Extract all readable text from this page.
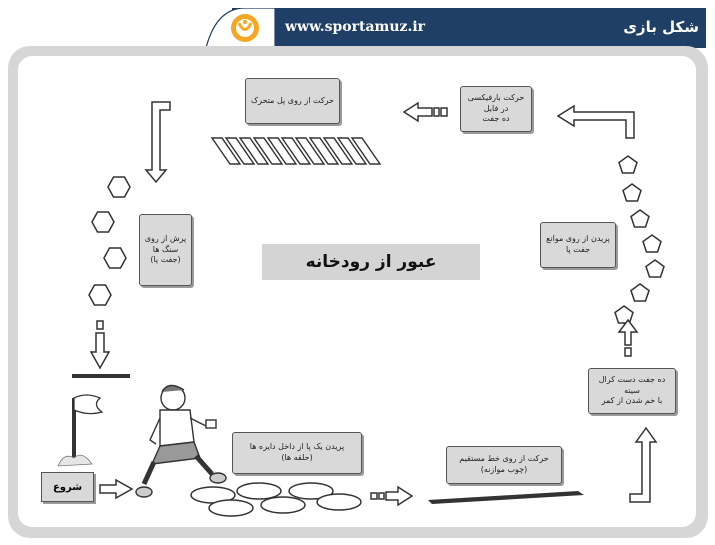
www.sportamuz.ir	شکل بازی
حرکت از روی پل متحرک	حرکت بارفیکسی در فایل
ده جفت
پرش از روی
سنگ ها
(جفت پا)
پریدن از روی موانع
جفت پا
ده جفت دست کرال سینه
با خم شدن از کمر
حرکت از روی خط مستقیم
(چوب موازنه)
پریدن یک پا از داخل دایره ها
(حلقه ها)
عبور از رودخانه
شروع
